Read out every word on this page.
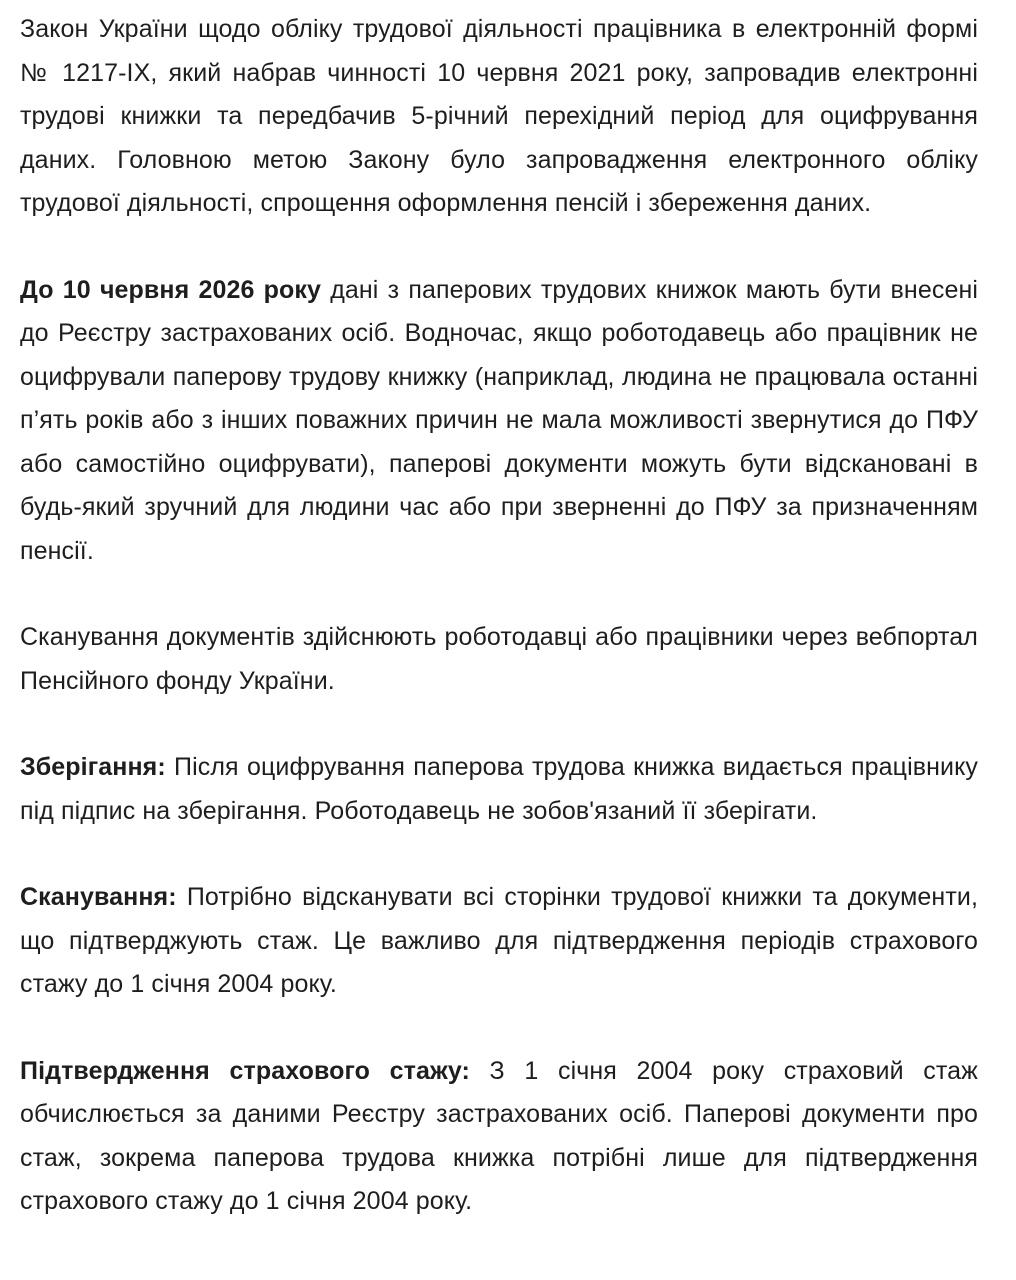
Закон України щодо обліку трудової діяльності працівника в електронній формі № 1217-IX, який набрав чинності 10 червня 2021 року, запровадив електронні трудові книжки та передбачив 5-річний перехідний період для оцифрування даних. Головною метою Закону було запровадження електронного обліку трудової діяльності, спрощення оформлення пенсій і збереження даних.

До 10 червня 2026 року дані з паперових трудових книжок мають бути внесені до Реєстру застрахованих осіб. Водночас, якщо роботодавець або працівник не оцифрували паперову трудову книжку (наприклад, людина не працювала останні п’ять років або з інших поважних причин не мала можливості звернутися до ПФУ або самостійно оцифрувати), паперові документи можуть бути відскановані в будь-який зручний для людини час або при зверненні до ПФУ за призначенням пенсії.

Сканування документів здійснюють роботодавці або працівники через вебпортал Пенсійного фонду України.

Зберігання: Після оцифрування паперова трудова книжка видається працівнику під підпис на зберігання. Роботодавець не зобов'язаний її зберігати.

Сканування: Потрібно відсканувати всі сторінки трудової книжки та документи, що підтверджують стаж. Це важливо для підтвердження періодів страхового стажу до 1 січня 2004 року.

Підтвердження страхового стажу: З 1 січня 2004 року страховий стаж обчислюється за даними Реєстру застрахованих осіб. Паперові документи про стаж, зокрема паперова трудова книжка потрібні лише для підтвердження страхового стажу до 1 січня 2004 року.
